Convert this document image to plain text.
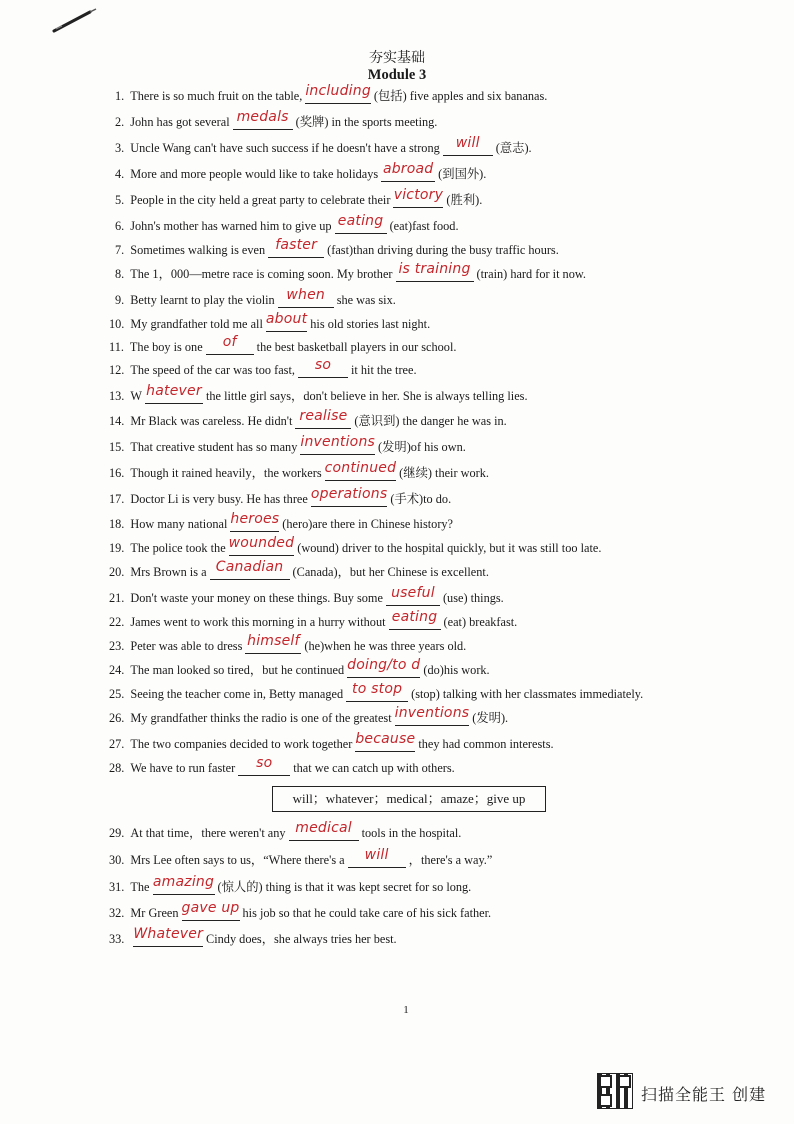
夯实基础
Module 3
1. There is so much fruit on the table, including (包括) five apples and six bananas.
2. John has got several medals (奖牌) in the sports meeting.
3. Uncle Wang can't have such success if he doesn't have a strong will (意志).
4. More and more people would like to take holidays abroad (到国外).
5. People in the city held a great party to celebrate their victory (胜利).
6. John's mother has warned him to give up eating (eat)fast food.
7. Sometimes walking is even faster (fast)than driving during the busy traffic hours.
8. The 1，000—metre race is coming soon. My brother is training (train) hard for it now.
9. Betty learnt to play the violin when she was six.
10. My grandfather told me all about his old stories last night.
11. The boy is one of the best basketball players in our school.
12. The speed of the car was too fast, so it hit the tree.
13. W hatever the little girl says，don't believe in her. She is always telling lies.
14. Mr Black was careless. He didn't realise (意识到) the danger he was in.
15. That creative student has so many inventions (发明)of his own.
16. Though it rained heavily，the workers continued (继续) their work.
17. Doctor Li is very busy. He has three operations (手术)to do.
18. How many national heroes (hero)are there in Chinese history?
19. The police took the wounded (wound) driver to the hospital quickly, but it was still too late.
20. Mrs Brown is a Canadian (Canada)，but her Chinese is excellent.
21. Don't waste your money on these things. Buy some useful (use) things.
22. James went to work this morning in a hurry without eating (eat) breakfast.
23. Peter was able to dress himself (he)when he was three years old.
24. The man looked so tired，but he continued doing/to d (do)his work.
25. Seeing the teacher come in, Betty managed to stop (stop) talking with her classmates immediately.
26. My grandfather thinks the radio is one of the greatest inventions (发明).
27. The two companies decided to work together because they had common interests.
28. We have to run faster so that we can catch up with others.
will；whatever；medical；amaze；give up
29. At that time，there weren't any medical tools in the hospital.
30. Mrs Lee often says to us，“Where there's a will ，there's a way.”
31. The amazing (惊人的) thing is that it was kept secret for so long.
32. Mr Green gave up his job so that he could take care of his sick father.
33. Whatever Cindy does，she always tries her best.
1
扫描全能王 创建
